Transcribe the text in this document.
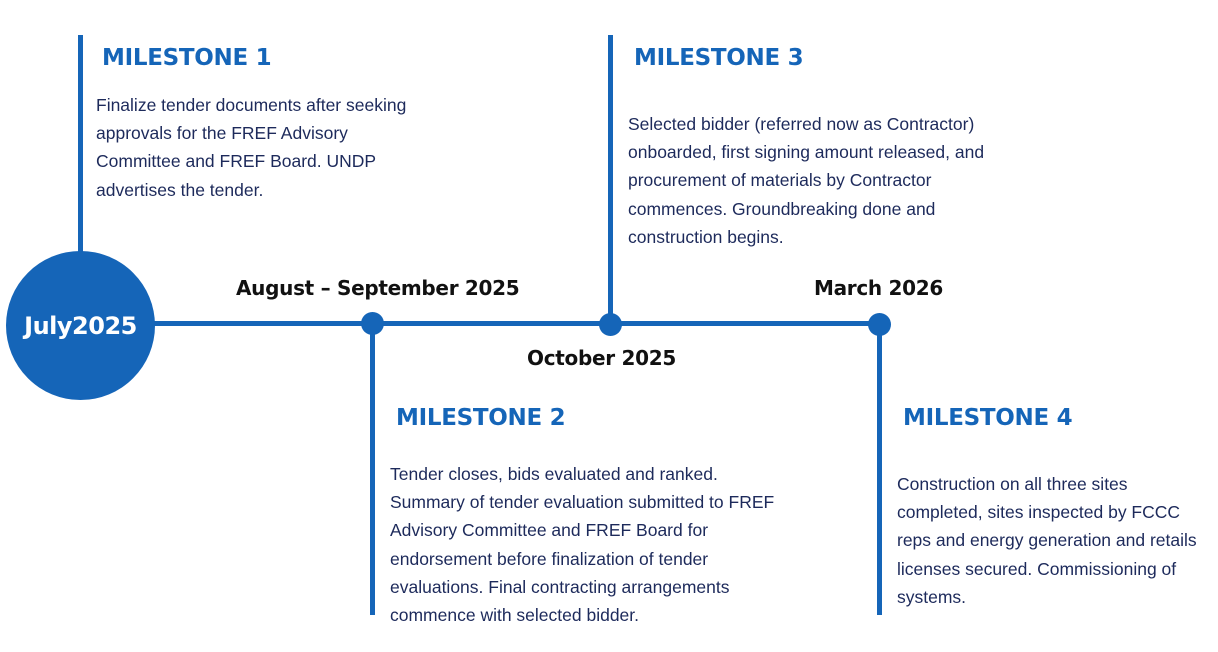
July2025
August – September 2025
October 2025
March 2026
MILESTONE 1

Finalize tender documents after seeking
approvals for the FREF Advisory
Committee and FREF Board. UNDP
advertises the tender.

MILESTONE 2

Tender closes, bids evaluated and ranked.
Summary of tender evaluation submitted to FREF
Advisory Committee and FREF Board for
endorsement before finalization of tender
evaluations. Final contracting arrangements
commence with selected bidder.

MILESTONE 3

Selected bidder (referred now as Contractor)
onboarded, first signing amount released, and
procurement of materials by Contractor
commences. Groundbreaking done and
construction begins.

MILESTONE 4

Construction on all three sites
completed, sites inspected by FCCC
reps and energy generation and retails
licenses secured. Commissioning of
systems.
